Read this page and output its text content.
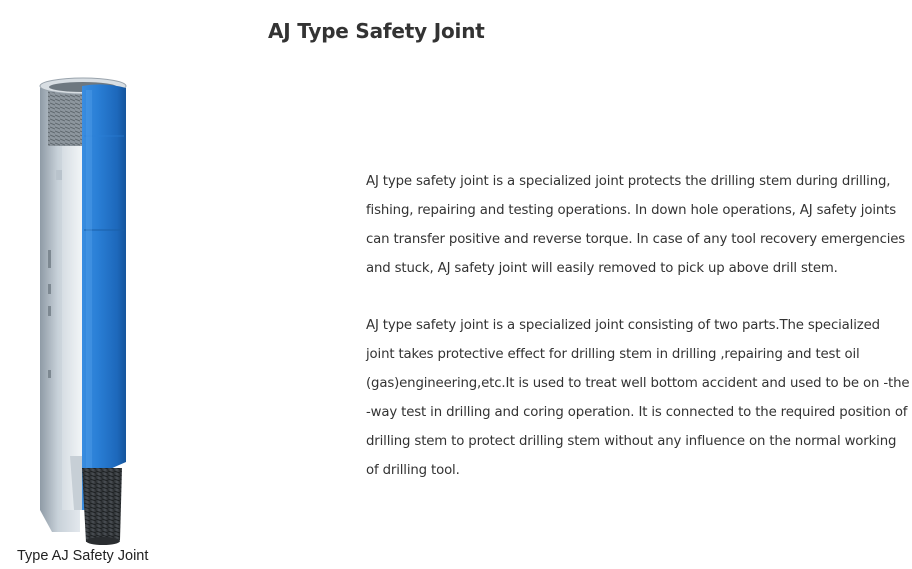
AJ Type Safety Joint
Type AJ Safety Joint

AJ type safety joint is a specialized joint protects the drilling stem during drilling, fishing, repairing and testing operations. In down hole operations, AJ safety joints can transfer positive and reverse torque. In case of any tool recovery emergencies and stuck, AJ safety joint will easily removed to pick up above drill stem.

AJ type safety joint is a specialized joint consisting of two parts.The specialized joint takes protective effect for drilling stem in drilling ,repairing and test oil (gas)engineering,etc.It is used to treat well bottom accident and used to be on -the -way test in drilling and coring operation. It is connected to the required position of drilling stem to protect drilling stem without any influence on the normal working of drilling tool.
